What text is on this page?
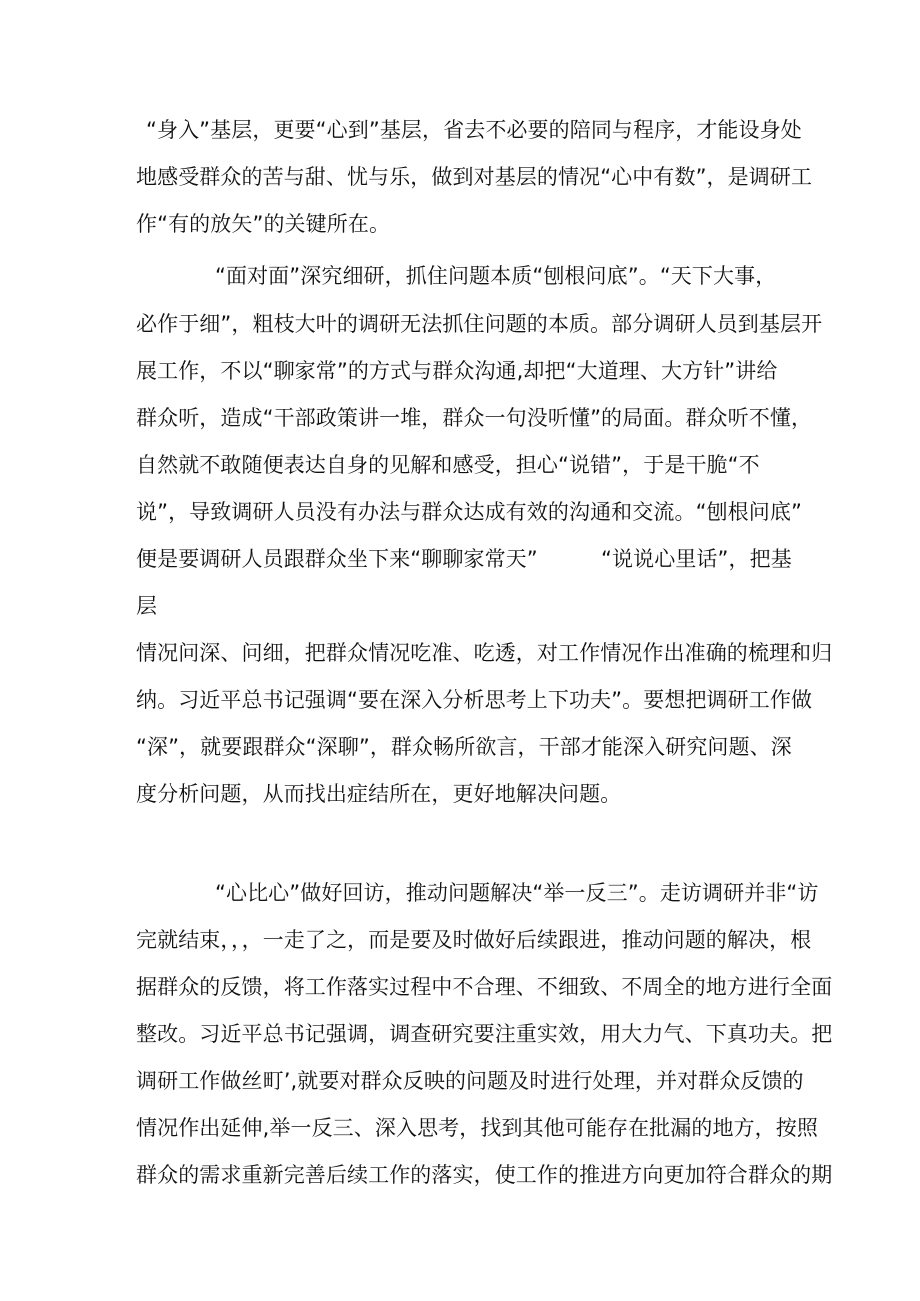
“身入”基层，更要“心到”基层，省去不必要的陪同与程序，才能设身处
地感受群众的苦与甜、忧与乐，做到对基层的情况“心中有数”，是调研工
作“有的放矢”的关键所在。
“面对面”深究细研，抓住问题本质“刨根问底”。“天下大事，
必作于细”，粗枝大叶的调研无法抓住问题的本质。部分调研人员到基层开
展工作，不以“聊家常”的方式与群众沟通,却把“大道理、大方针”讲给
群众听，造成“干部政策讲一堆，群众一句没听懂”的局面。群众听不懂，
自然就不敢随便表达自身的见解和感受，担心“说错”，于是干脆“不
说”，导致调研人员没有办法与群众达成有效的沟通和交流。“刨根问底”
便是要调研人员跟群众坐下来“聊聊家常天”　　　“说说心里话”，把基
层
情况问深、问细，把群众情况吃准、吃透，对工作情况作出准确的梳理和归
纳。习近平总书记强调“要在深入分析思考上下功夫”。要想把调研工作做
“深”，就要跟群众“深聊”，群众畅所欲言，干部才能深入研究问题、深
度分析问题，从而找出症结所在，更好地解决问题。
“心比心”做好回访，推动问题解决“举一反三”。走访调研并非“访
完就结束，，，一走了之，而是要及时做好后续跟进，推动问题的解决，根
据群众的反馈，将工作落实过程中不合理、不细致、不周全的地方进行全面
整改。习近平总书记强调，调查研究要注重实效，用大力气、下真功夫。把
调研工作做丝町’,就要对群众反映的问题及时进行处理，并对群众反馈的
情况作出延伸,举一反三、深入思考，找到其他可能存在批漏的地方，按照
群众的需求重新完善后续工作的落实，使工作的推进方向更加符合群众的期
